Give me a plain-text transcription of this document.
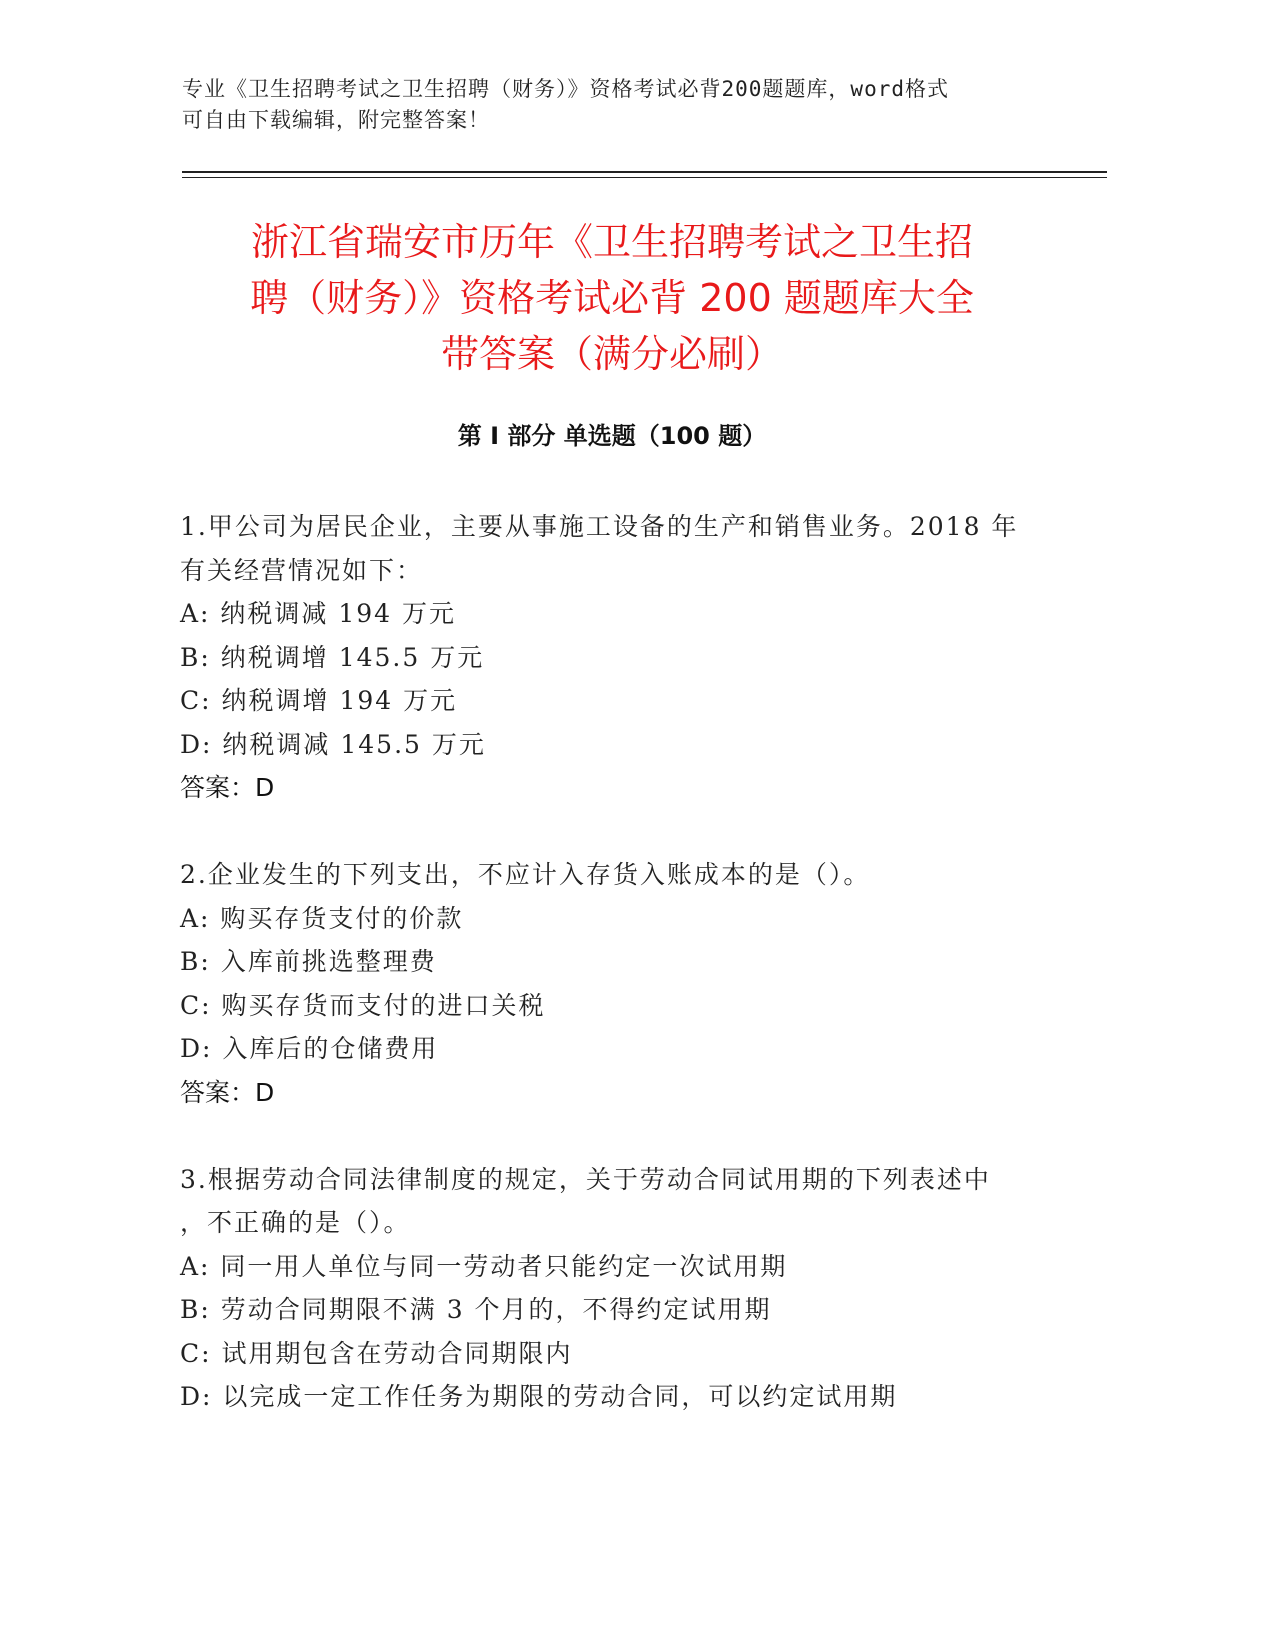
专业《卫生招聘考试之卫生招聘（财务）》资格考试必背200题题库，word格式
可自由下载编辑，附完整答案！
浙江省瑞安市历年《卫生招聘考试之卫生招
聘（财务）》资格考试必背 200 题题库大全
带答案（满分必刷）
第 I 部分 单选题（100 题）

1.甲公司为居民企业，主要从事施工设备的生产和销售业务。2018 年

有关经营情况如下：

A: 纳税调减 194 万元

B: 纳税调增 145.5 万元

C: 纳税调增 194 万元

D: 纳税调减 145.5 万元

答案：D

2.企业发生的下列支出，不应计入存货入账成本的是（）。

A: 购买存货支付的价款

B: 入库前挑选整理费

C: 购买存货而支付的进口关税

D: 入库后的仓储费用

答案：D

3.根据劳动合同法律制度的规定，关于劳动合同试用期的下列表述中

，不正确的是（）。

A: 同一用人单位与同一劳动者只能约定一次试用期

B: 劳动合同期限不满 3 个月的，不得约定试用期

C: 试用期包含在劳动合同期限内

D: 以完成一定工作任务为期限的劳动合同，可以约定试用期
